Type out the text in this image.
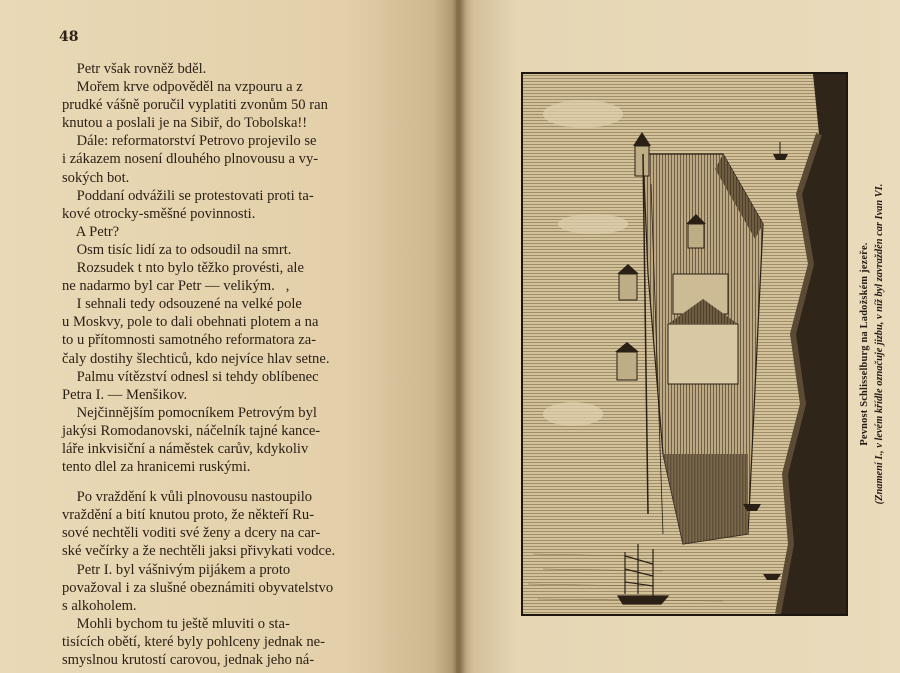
48
Petr však rovněž bděl.
Mořem krve odpověděl na vzpouru a z
prudké vášně poručil vyplatiti zvonům 50 ran
knutou a poslali je na Sibiř, do Tobolska!!
Dále: reformatorství Petrovo projevilo se
i zákazem nosení dlouhého plnovousu a vy-
sokých bot.
Poddaní odvážili se protestovati proti ta-
kové otrocky-směšné povinnosti.
A Petr?
Osm tisíc lidí za to odsoudil na smrt.
Rozsudek t nto bylo těžko provésti, ale
ne nadarmo byl car Petr — velikým.   ,
I sehnali tedy odsouzené na velké pole
u Moskvy, pole to dali obehnati plotem a na
to u přítomnosti samotného reformatora za-
čaly dostihy šlechticů, kdo nejvíce hlav setne.
Palmu vítězství odnesl si tehdy oblíbenec
Petra I. — Menšikov.
Nejčinnějším pomocníkem Petrovým byl
jakýsi Romodanovski, náčelník tajné kance-
láře inkvisiční a náměstek carův, kdykoliv
tento dlel za hranicemi ruskými.
Po vraždění k vůli plnovousu nastoupilo
vraždění a bití knutou proto, že někteří Ru-
sové nechtěli voditi své ženy a dcery na car-
ské večírky a že nechtěli jaksi přivykati vodce.
Petr I. byl vášnivým pijákem a proto
považoval i za slušné obeznámiti obyvatelstvo
s alkoholem.
Mohli bychom tu ještě mluviti o sta-
tisících obětí, které byly pohlceny jednak ne-
smyslnou krutostí carovou, jednak jeho ná-
Pevnost Schlisselburg na Ladožském jezeře. (Znamení I., v levém křídle označuje jizbu, v níž byl zavražděn car Ivan VI.
